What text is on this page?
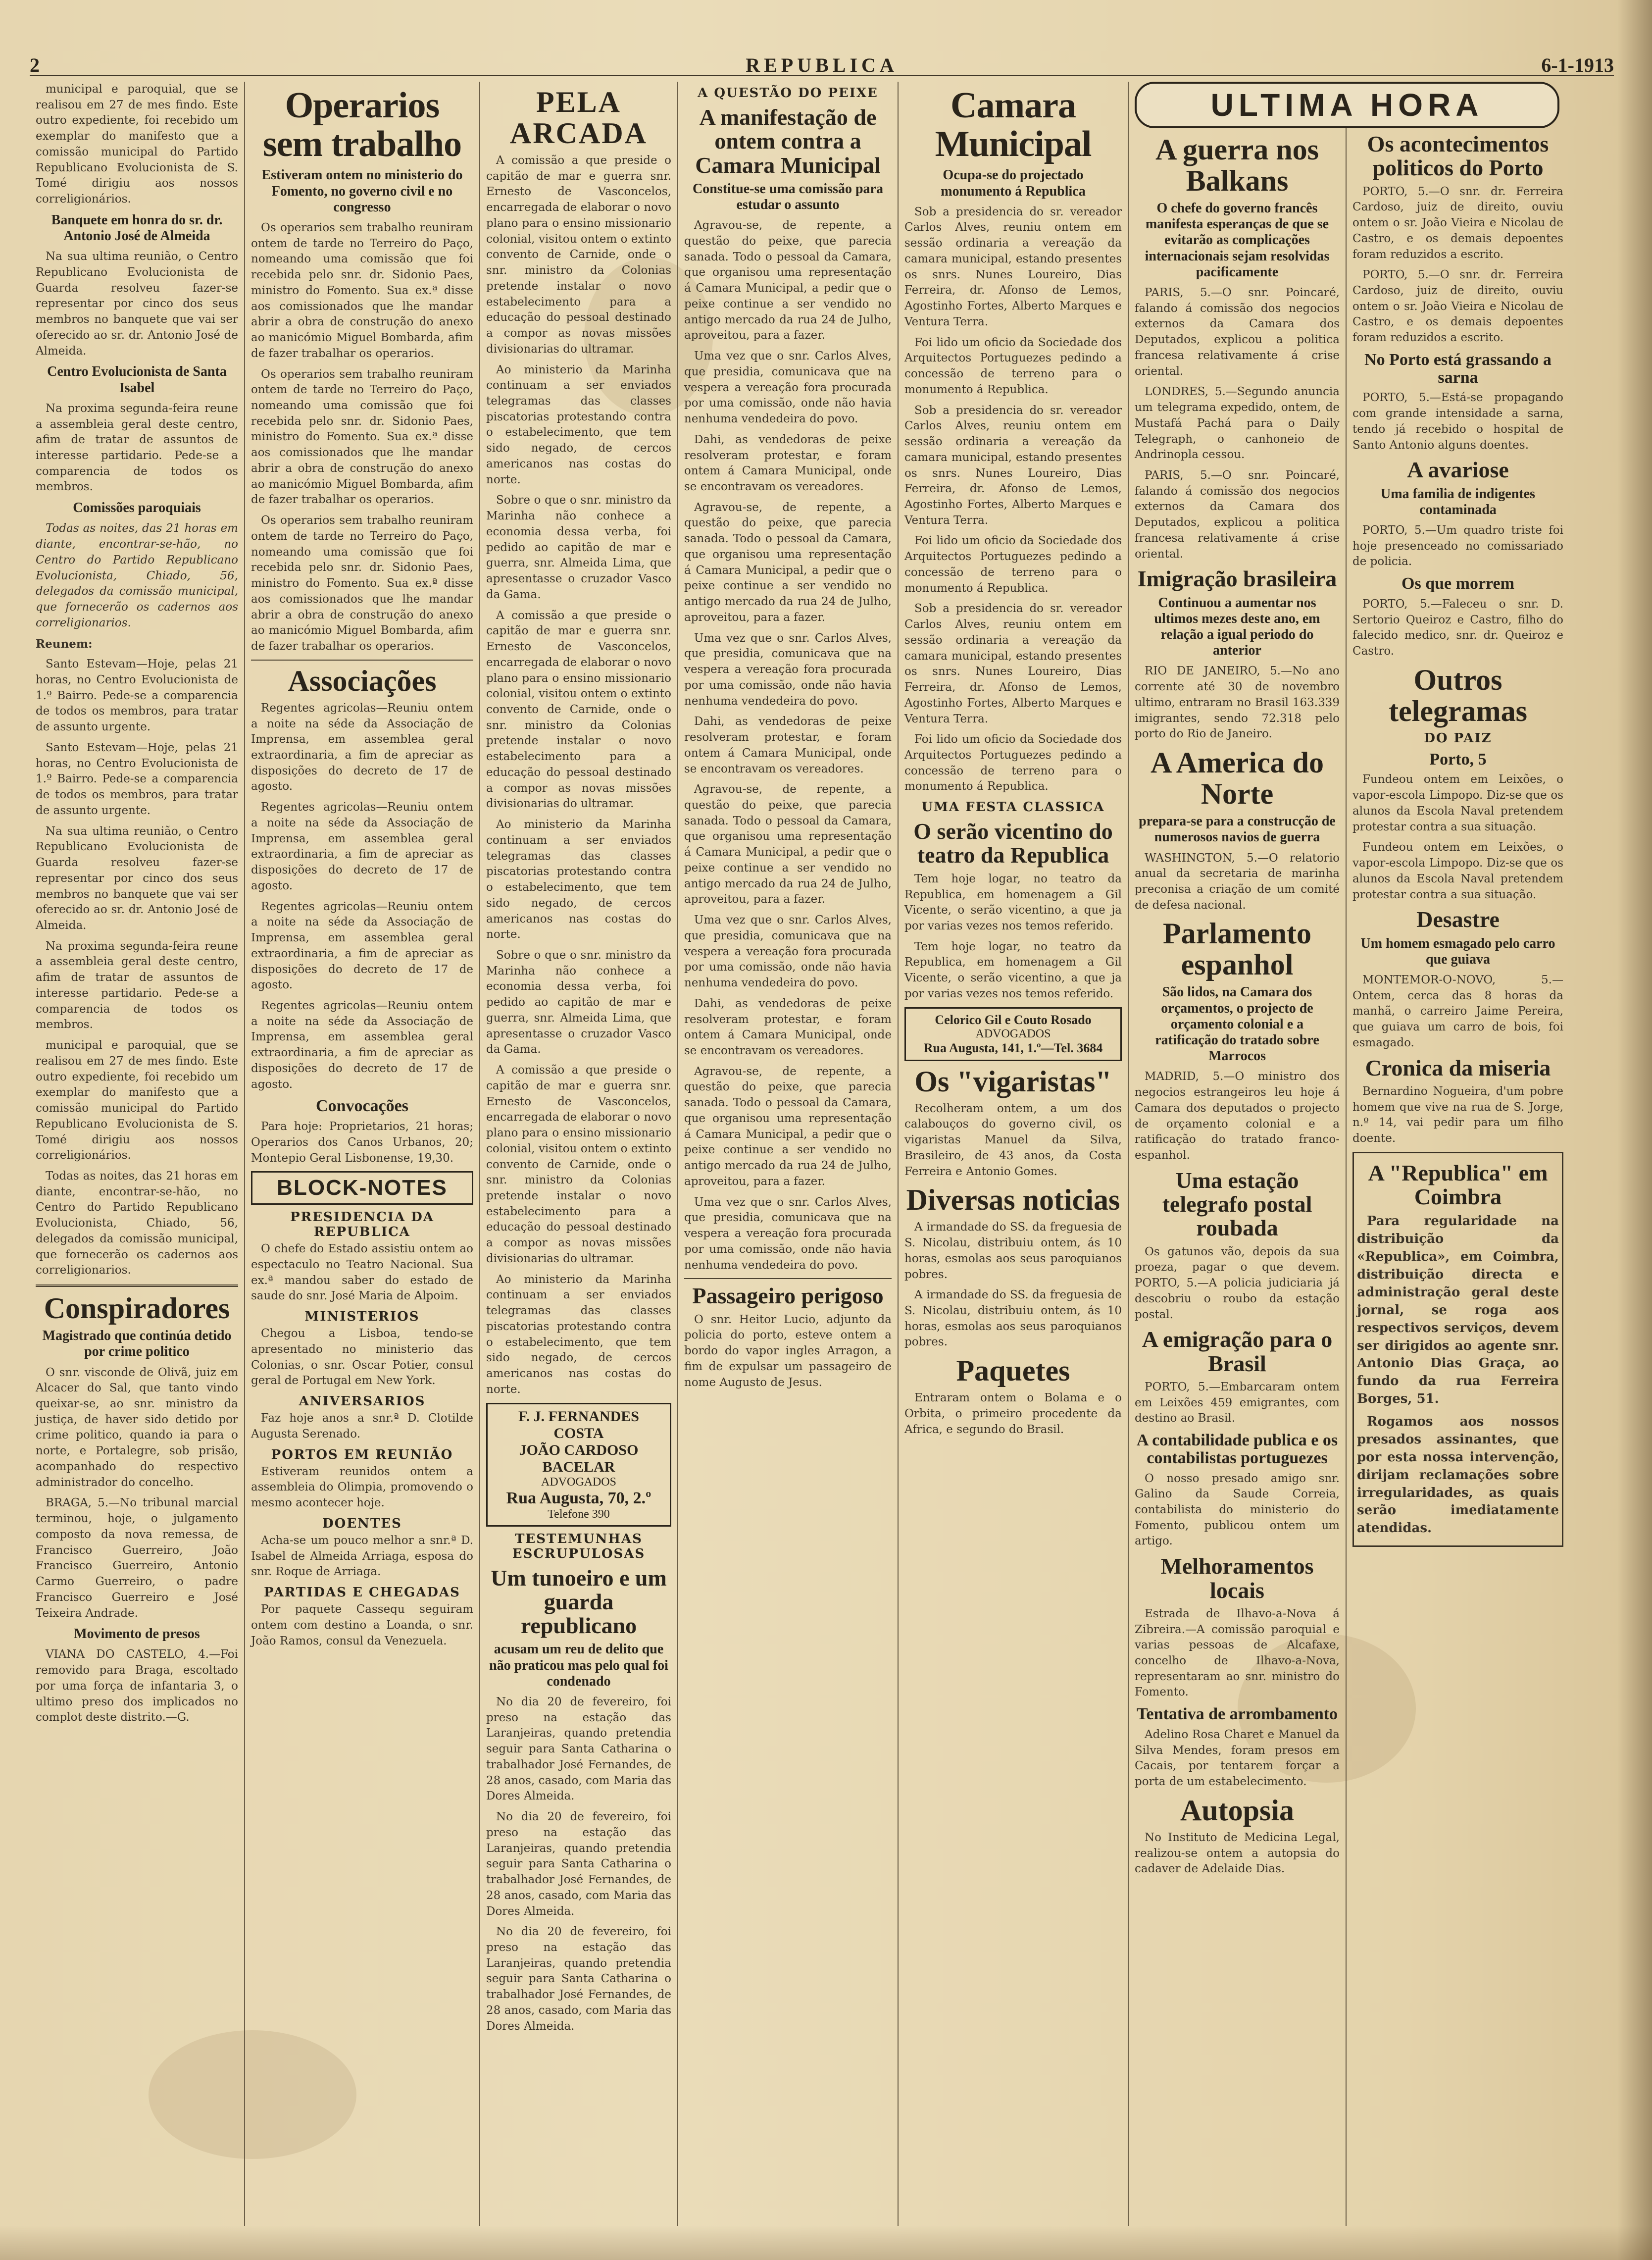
2	REPUBLICA	6-1-1913

municipal e paroquial, que se realisou em 27 de mes findo. Este outro expediente, foi recebido um exemplar do manifesto que a comissão municipal do Partido Republicano Evolucionista de S. Tomé dirigiu aos nossos correligionários.

Banquete em honra do sr. dr. Antonio José de Almeida

Na sua ultima reunião, o Centro Republicano Evolucionista de Guarda resolveu fazer-se representar por cinco dos seus membros no banquete que vai ser oferecido ao sr. dr. Antonio José de Almeida.

Centro Evolucionista de Santa Isabel

Na proxima segunda-feira reune a assembleia geral deste centro, afim de tratar de assuntos de interesse partidario. Pede-se a comparencia de todos os membros.

Comissões paroquiais

Todas as noites, das 21 horas em diante, encontrar-se-hão, no Centro do Partido Republicano Evolucionista, Chiado, 56, delegados da comissão municipal, que fornecerão os cadernos aos correligionarios.

Reunem:

Santo Estevam—Hoje, pelas 21 horas, no Centro Evolucionista de 1.º Bairro. Pede-se a comparencia de todos os membros, para tratar de assunto urgente.

Santo Estevam—Hoje, pelas 21 horas, no Centro Evolucionista de 1.º Bairro. Pede-se a comparencia de todos os membros, para tratar de assunto urgente.

Na sua ultima reunião, o Centro Republicano Evolucionista de Guarda resolveu fazer-se representar por cinco dos seus membros no banquete que vai ser oferecido ao sr. dr. Antonio José de Almeida.

Na proxima segunda-feira reune a assembleia geral deste centro, afim de tratar de assuntos de interesse partidario. Pede-se a comparencia de todos os membros.

municipal e paroquial, que se realisou em 27 de mes findo. Este outro expediente, foi recebido um exemplar do manifesto que a comissão municipal do Partido Republicano Evolucionista de S. Tomé dirigiu aos nossos correligionários.

Todas as noites, das 21 horas em diante, encontrar-se-hão, no Centro do Partido Republicano Evolucionista, Chiado, 56, delegados da comissão municipal, que fornecerão os cadernos aos correligionarios.

Conspiradores
Magistrado que continúa detido por crime politico

O snr. visconde de Olivã, juiz em Alcacer do Sal, que tanto vindo queixar-se, ao snr. ministro da justiça, de haver sido detido por crime politico, quando ia para o norte, e Portalegre, sob prisão, acompanhado do respectivo administrador do concelho.

BRAGA, 5.—No tribunal marcial terminou, hoje, o julgamento composto da nova remessa, de Francisco Guerreiro, João Francisco Guerreiro, Antonio Carmo Guerreiro, o padre Francisco Guerreiro e José Teixeira Andrade.

Movimento de presos

VIANA DO CASTELO, 4.—Foi removido para Braga, escoltado por uma força de infantaria 3, o ultimo preso dos implicados no complot deste distrito.—G.

Operarios sem trabalho
Estiveram ontem no ministerio do Fomento, no governo civil e no congresso

Os operarios sem trabalho reuniram ontem de tarde no Terreiro do Paço, nomeando uma comissão que foi recebida pelo snr. dr. Sidonio Paes, ministro do Fomento. Sua ex.ª disse aos comissionados que lhe mandar abrir a obra de construção do anexo ao manicómio Miguel Bombarda, afim de fazer trabalhar os operarios.

Os operarios sem trabalho reuniram ontem de tarde no Terreiro do Paço, nomeando uma comissão que foi recebida pelo snr. dr. Sidonio Paes, ministro do Fomento. Sua ex.ª disse aos comissionados que lhe mandar abrir a obra de construção do anexo ao manicómio Miguel Bombarda, afim de fazer trabalhar os operarios.

Os operarios sem trabalho reuniram ontem de tarde no Terreiro do Paço, nomeando uma comissão que foi recebida pelo snr. dr. Sidonio Paes, ministro do Fomento. Sua ex.ª disse aos comissionados que lhe mandar abrir a obra de construção do anexo ao manicómio Miguel Bombarda, afim de fazer trabalhar os operarios.

Associações

Regentes agricolas—Reuniu ontem a noite na séde da Associação de Imprensa, em assemblea geral extraordinaria, a fim de apreciar as disposições do decreto de 17 de agosto.

Regentes agricolas—Reuniu ontem a noite na séde da Associação de Imprensa, em assemblea geral extraordinaria, a fim de apreciar as disposições do decreto de 17 de agosto.

Regentes agricolas—Reuniu ontem a noite na séde da Associação de Imprensa, em assemblea geral extraordinaria, a fim de apreciar as disposições do decreto de 17 de agosto.

Regentes agricolas—Reuniu ontem a noite na séde da Associação de Imprensa, em assemblea geral extraordinaria, a fim de apreciar as disposições do decreto de 17 de agosto.

Convocações

Para hoje: Proprietarios, 21 horas; Operarios dos Canos Urbanos, 20; Montepio Geral Lisbonense, 19,30.

BLOCK-NOTES
PRESIDENCIA DA REPUBLICA

O chefe do Estado assistiu ontem ao espectaculo no Teatro Nacional. Sua ex.ª mandou saber do estado de saude do snr. José Maria de Alpoim.

MINISTERIOS

Chegou a Lisboa, tendo-se apresentado no ministerio das Colonias, o snr. Oscar Potier, consul geral de Portugal em New York.

ANIVERSARIOS

Faz hoje anos a snr.ª D. Clotilde Augusta Serenado.

PORTOS EM REUNIÃO

Estiveram reunidos ontem a assembleia do Olimpia, promovendo o mesmo acontecer hoje.

DOENTES

Acha-se um pouco melhor a snr.ª D. Isabel de Almeida Arriaga, esposa do snr. Roque de Arriaga.

PARTIDAS E CHEGADAS

Por paquete Cassequ seguiram ontem com destino a Loanda, o snr. João Ramos, consul da Venezuela.

PELA ARCADA

A comissão a que preside o capitão de mar e guerra snr. Ernesto de Vasconcelos, encarregada de elaborar o novo plano para o ensino missionario colonial, visitou ontem o extinto convento de Carnide, onde o snr. ministro da Colonias pretende instalar o novo estabelecimento para a educação do pessoal destinado a compor as novas missões divisionarias do ultramar.

Ao ministerio da Marinha continuam a ser enviados telegramas das classes piscatorias protestando contra o estabelecimento, que tem sido negado, de cercos americanos nas costas do norte.

Sobre o que o snr. ministro da Marinha não conhece a economia dessa verba, foi pedido ao capitão de mar e guerra, snr. Almeida Lima, que apresentasse o cruzador Vasco da Gama.

A comissão a que preside o capitão de mar e guerra snr. Ernesto de Vasconcelos, encarregada de elaborar o novo plano para o ensino missionario colonial, visitou ontem o extinto convento de Carnide, onde o snr. ministro da Colonias pretende instalar o novo estabelecimento para a educação do pessoal destinado a compor as novas missões divisionarias do ultramar.

Ao ministerio da Marinha continuam a ser enviados telegramas das classes piscatorias protestando contra o estabelecimento, que tem sido negado, de cercos americanos nas costas do norte.

Sobre o que o snr. ministro da Marinha não conhece a economia dessa verba, foi pedido ao capitão de mar e guerra, snr. Almeida Lima, que apresentasse o cruzador Vasco da Gama.

A comissão a que preside o capitão de mar e guerra snr. Ernesto de Vasconcelos, encarregada de elaborar o novo plano para o ensino missionario colonial, visitou ontem o extinto convento de Carnide, onde o snr. ministro da Colonias pretende instalar o novo estabelecimento para a educação do pessoal destinado a compor as novas missões divisionarias do ultramar.

Ao ministerio da Marinha continuam a ser enviados telegramas das classes piscatorias protestando contra o estabelecimento, que tem sido negado, de cercos americanos nas costas do norte.

F. J. FERNANDES COSTA
JOÃO CARDOSO BACELAR
ADVOGADOS
Rua Augusta, 70, 2.º
Telefone 390
TESTEMUNHAS ESCRUPULOSAS
Um tunoeiro e um guarda republicano
acusam um reu de delito que não praticou mas pelo qual foi condenado

No dia 20 de fevereiro, foi preso na estação das Laranjeiras, quando pretendia seguir para Santa Catharina o trabalhador José Fernandes, de 28 anos, casado, com Maria das Dores Almeida.

No dia 20 de fevereiro, foi preso na estação das Laranjeiras, quando pretendia seguir para Santa Catharina o trabalhador José Fernandes, de 28 anos, casado, com Maria das Dores Almeida.

No dia 20 de fevereiro, foi preso na estação das Laranjeiras, quando pretendia seguir para Santa Catharina o trabalhador José Fernandes, de 28 anos, casado, com Maria das Dores Almeida.

A QUESTÃO DO PEIXE
A manifestação de ontem contra a Camara Municipal
Constitue-se uma comissão para estudar o assunto

Agravou-se, de repente, a questão do peixe, que parecia sanada. Todo o pessoal da Camara, que organisou uma representação á Camara Municipal, a pedir que o peixe continue a ser vendido no antigo mercado da rua 24 de Julho, aproveitou, para a fazer.

Uma vez que o snr. Carlos Alves, que presidia, comunicava que na vespera a vereação fora procurada por uma comissão, onde não havia nenhuma vendedeira do povo.

Dahi, as vendedoras de peixe resolveram protestar, e foram ontem á Camara Municipal, onde se encontravam os vereadores.

Agravou-se, de repente, a questão do peixe, que parecia sanada. Todo o pessoal da Camara, que organisou uma representação á Camara Municipal, a pedir que o peixe continue a ser vendido no antigo mercado da rua 24 de Julho, aproveitou, para a fazer.

Uma vez que o snr. Carlos Alves, que presidia, comunicava que na vespera a vereação fora procurada por uma comissão, onde não havia nenhuma vendedeira do povo.

Dahi, as vendedoras de peixe resolveram protestar, e foram ontem á Camara Municipal, onde se encontravam os vereadores.

Agravou-se, de repente, a questão do peixe, que parecia sanada. Todo o pessoal da Camara, que organisou uma representação á Camara Municipal, a pedir que o peixe continue a ser vendido no antigo mercado da rua 24 de Julho, aproveitou, para a fazer.

Uma vez que o snr. Carlos Alves, que presidia, comunicava que na vespera a vereação fora procurada por uma comissão, onde não havia nenhuma vendedeira do povo.

Dahi, as vendedoras de peixe resolveram protestar, e foram ontem á Camara Municipal, onde se encontravam os vereadores.

Agravou-se, de repente, a questão do peixe, que parecia sanada. Todo o pessoal da Camara, que organisou uma representação á Camara Municipal, a pedir que o peixe continue a ser vendido no antigo mercado da rua 24 de Julho, aproveitou, para a fazer.

Uma vez que o snr. Carlos Alves, que presidia, comunicava que na vespera a vereação fora procurada por uma comissão, onde não havia nenhuma vendedeira do povo.

Passageiro perigoso

O snr. Heitor Lucio, adjunto da policia do porto, esteve ontem a bordo do vapor ingles Arragon, a fim de expulsar um passageiro de nome Augusto de Jesus.

Camara Municipal
Ocupa-se do projectado monumento á Republica

Sob a presidencia do sr. vereador Carlos Alves, reuniu ontem em sessão ordinaria a vereação da camara municipal, estando presentes os snrs. Nunes Loureiro, Dias Ferreira, dr. Afonso de Lemos, Agostinho Fortes, Alberto Marques e Ventura Terra.

Foi lido um oficio da Sociedade dos Arquitectos Portuguezes pedindo a concessão de terreno para o monumento á Republica.

Sob a presidencia do sr. vereador Carlos Alves, reuniu ontem em sessão ordinaria a vereação da camara municipal, estando presentes os snrs. Nunes Loureiro, Dias Ferreira, dr. Afonso de Lemos, Agostinho Fortes, Alberto Marques e Ventura Terra.

Foi lido um oficio da Sociedade dos Arquitectos Portuguezes pedindo a concessão de terreno para o monumento á Republica.

Sob a presidencia do sr. vereador Carlos Alves, reuniu ontem em sessão ordinaria a vereação da camara municipal, estando presentes os snrs. Nunes Loureiro, Dias Ferreira, dr. Afonso de Lemos, Agostinho Fortes, Alberto Marques e Ventura Terra.

Foi lido um oficio da Sociedade dos Arquitectos Portuguezes pedindo a concessão de terreno para o monumento á Republica.

UMA FESTA CLASSICA
O serão vicentino do teatro da Republica

Tem hoje logar, no teatro da Republica, em homenagem a Gil Vicente, o serão vicentino, a que ja por varias vezes nos temos referido.

Tem hoje logar, no teatro da Republica, em homenagem a Gil Vicente, o serão vicentino, a que ja por varias vezes nos temos referido.

Celorico Gil e Couto Rosado
ADVOGADOS
Rua Augusta, 141, 1.º—Tel. 3684
Os "vigaristas"

Recolheram ontem, a um dos calabouços do governo civil, os vigaristas Manuel da Silva, Brasileiro, de 43 anos, da Costa Ferreira e Antonio Gomes.

Diversas noticias

A irmandade do SS. da freguesia de S. Nicolau, distribuiu ontem, ás 10 horas, esmolas aos seus paroquianos pobres.

A irmandade do SS. da freguesia de S. Nicolau, distribuiu ontem, ás 10 horas, esmolas aos seus paroquianos pobres.

Paquetes

Entraram ontem o Bolama e o Orbita, o primeiro procedente da Africa, e segundo do Brasil.

ULTIMA HORA
A guerra nos Balkans
O chefe do governo francês manifesta esperanças de que se evitarão as complicações internacionais sejam resolvidas pacificamente

PARIS, 5.—O snr. Poincaré, falando á comissão dos negocios externos da Camara dos Deputados, explicou a politica francesa relativamente á crise oriental.

LONDRES, 5.—Segundo anuncia um telegrama expedido, ontem, de Mustafá Pachá para o Daily Telegraph, o canhoneio de Andrinopla cessou.

PARIS, 5.—O snr. Poincaré, falando á comissão dos negocios externos da Camara dos Deputados, explicou a politica francesa relativamente á crise oriental.

Imigração brasileira
Continuou a aumentar nos ultimos mezes deste ano, em relação a igual periodo do anterior

RIO DE JANEIRO, 5.—No ano corrente até 30 de novembro ultimo, entraram no Brasil 163.339 imigrantes, sendo 72.318 pelo porto do Rio de Janeiro.

A America do Norte
prepara-se para a construcção de numerosos navios de guerra

WASHINGTON, 5.—O relatorio anual da secretaria de marinha preconisa a criação de um comité de defesa nacional.

Parlamento espanhol
São lidos, na Camara dos orçamentos, o projecto de orçamento colonial e a ratificação do tratado sobre Marrocos

MADRID, 5.—O ministro dos negocios estrangeiros leu hoje á Camara dos deputados o projecto de orçamento colonial e a ratificação do tratado franco-espanhol.

Uma estação telegrafo postal roubada

Os gatunos vão, depois da sua proeza, pagar o que devem. PORTO, 5.—A policia judiciaria já descobriu o roubo da estação postal.

A emigração para o Brasil

PORTO, 5.—Embarcaram ontem em Leixões 459 emigrantes, com destino ao Brasil.

A contabilidade publica e os contabilistas portuguezes

O nosso presado amigo snr. Galino da Saude Correia, contabilista do ministerio do Fomento, publicou ontem um artigo.

Melhoramentos locais

Estrada de Ilhavo-a-Nova á Zibreira.—A comissão paroquial e varias pessoas de Alcafaxe, concelho de Ilhavo-a-Nova, representaram ao snr. ministro do Fomento.

Tentativa de arrombamento

Adelino Rosa Charet e Manuel da Silva Mendes, foram presos em Cacais, por tentarem forçar a porta de um estabelecimento.

Autopsia

No Instituto de Medicina Legal, realizou-se ontem a autopsia do cadaver de Adelaide Dias.

Os acontecimentos politicos do Porto

PORTO, 5.—O snr. dr. Ferreira Cardoso, juiz de direito, ouviu ontem o sr. João Vieira e Nicolau de Castro, e os demais depoentes foram reduzidos a escrito.

PORTO, 5.—O snr. dr. Ferreira Cardoso, juiz de direito, ouviu ontem o sr. João Vieira e Nicolau de Castro, e os demais depoentes foram reduzidos a escrito.

No Porto está grassando a sarna

PORTO, 5.—Está-se propagando com grande intensidade a sarna, tendo já recebido o hospital de Santo Antonio alguns doentes.

A avariose
Uma familia de indigentes contaminada

PORTO, 5.—Um quadro triste foi hoje presenceado no comissariado de policia.

Os que morrem

PORTO, 5.—Faleceu o snr. D. Sertorio Queiroz e Castro, filho do falecido medico, snr. dr. Queiroz e Castro.

Outros telegramas
DO PAIZ
Porto, 5

Fundeou ontem em Leixões, o vapor-escola Limpopo. Diz-se que os alunos da Escola Naval pretendem protestar contra a sua situação.

Fundeou ontem em Leixões, o vapor-escola Limpopo. Diz-se que os alunos da Escola Naval pretendem protestar contra a sua situação.

Desastre
Um homem esmagado pelo carro que guiava

MONTEMOR-O-NOVO, 5.—Ontem, cerca das 8 horas da manhã, o carreiro Jaime Pereira, que guiava um carro de bois, foi esmagado.

Cronica da miseria

Bernardino Nogueira, d'um pobre homem que vive na rua de S. Jorge, n.º 14, vai pedir para um filho doente.

A "Republica" em Coimbra

Para regularidade na distribuição da «Republica», em Coimbra, distribuição directa e administração geral deste jornal, se roga aos respectivos serviços, devem ser dirigidos ao agente snr. Antonio Dias Graça, ao fundo da rua Ferreira Borges, 51.

Rogamos aos nossos presados assinantes, que por esta nossa intervenção, dirijam reclamações sobre irregularidades, as quais serão imediatamente atendidas.
